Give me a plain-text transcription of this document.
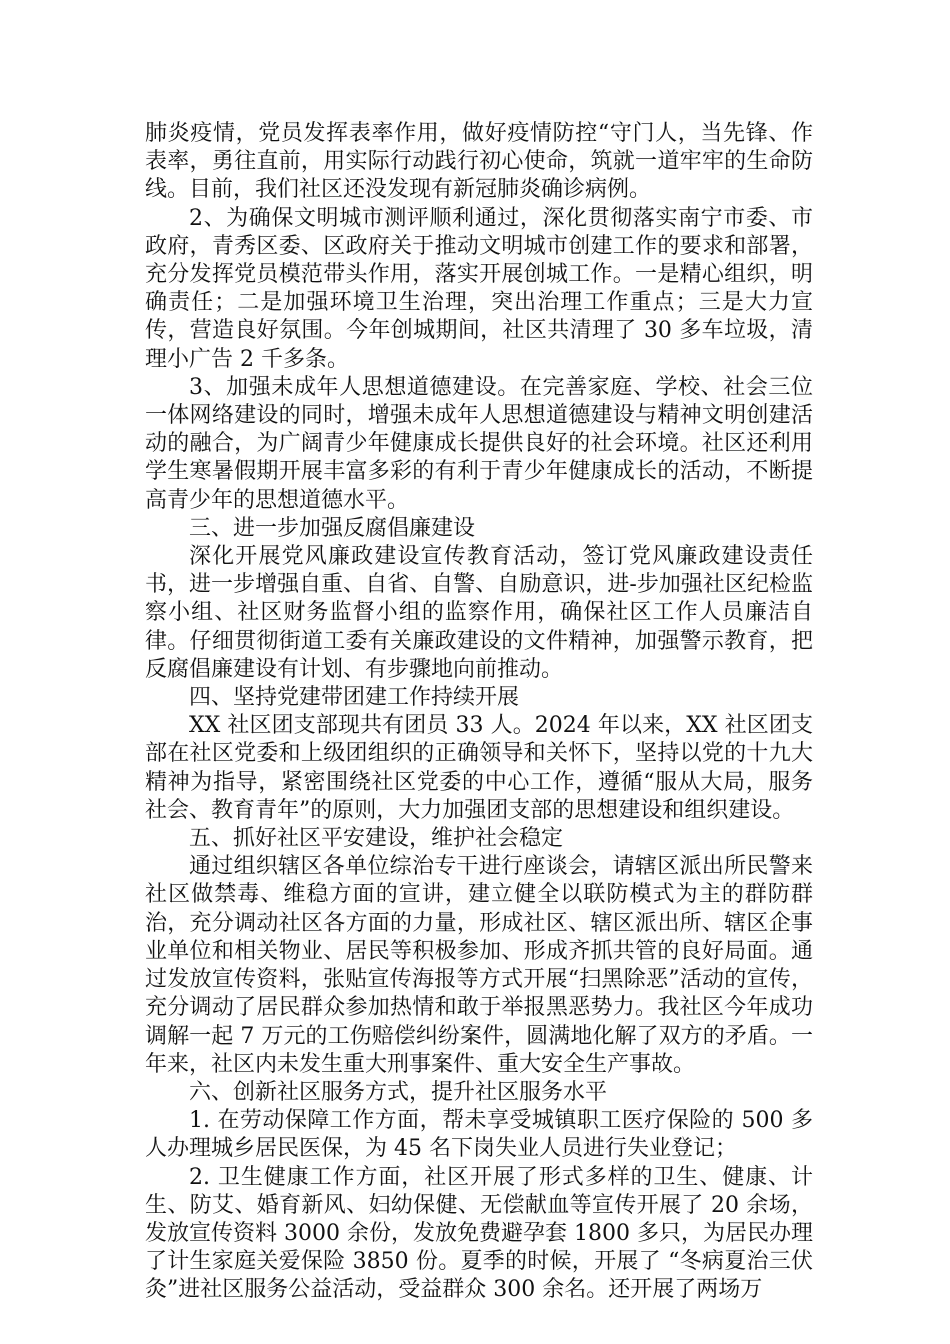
肺炎疫情，党员发挥表率作用，做好疫情防控“守门人，当先锋、作表率，勇往直前，用实际行动践行初心使命，筑就一道牢牢的生命防线。目前，我们社区还没发现有新冠肺炎确诊病例。

2、为确保文明城市测评顺利通过，深化贯彻落实南宁市委、市政府，青秀区委、区政府关于推动文明城市创建工作的要求和部署，充分发挥党员模范带头作用，落实开展创城工作。一是精心组织，明确责任；二是加强环境卫生治理，突出治理工作重点；三是大力宣传，营造良好氛围。今年创城期间，社区共清理了 30 多车垃圾，清理小广告 2 千多条。

3、加强未成年人思想道德建设。在完善家庭、学校、社会三位一体网络建设的同时，增强未成年人思想道德建设与精神文明创建活动的融合，为广阔青少年健康成长提供良好的社会环境。社区还利用学生寒暑假期开展丰富多彩的有利于青少年健康成长的活动，不断提高青少年的思想道德水平。

三、进一步加强反腐倡廉建设

深化开展党风廉政建设宣传教育活动，签订党风廉政建设责任书，进一步增强自重、自省、自警、自励意识，进-步加强社区纪检监察小组、社区财务监督小组的监察作用，确保社区工作人员廉洁自律。仔细贯彻街道工委有关廉政建设的文件精神，加强警示教育，把反腐倡廉建设有计划、有步骤地向前推动。

四、坚持党建带团建工作持续开展

XX 社区团支部现共有团员 33 人。2024 年以来，XX 社区团支部在社区党委和上级团组织的正确领导和关怀下，坚持以党的十九大精神为指导，紧密围绕社区党委的中心工作，遵循“服从大局，服务社会、教育青年”的原则，大力加强团支部的思想建设和组织建设。

五、抓好社区平安建设，维护社会稳定

通过组织辖区各单位综治专干进行座谈会，请辖区派出所民警来社区做禁毒、维稳方面的宣讲，建立健全以联防模式为主的群防群治，充分调动社区各方面的力量，形成社区、辖区派出所、辖区企事业单位和相关物业、居民等积极参加、形成齐抓共管的良好局面。通过发放宣传资料，张贴宣传海报等方式开展“扫黑除恶”活动的宣传，充分调动了居民群众参加热情和敢于举报黑恶势力。我社区今年成功调解一起 7 万元的工伤赔偿纠纷案件，圆满地化解了双方的矛盾。一年来，社区内未发生重大刑事案件、重大安全生产事故。

六、创新社区服务方式，提升社区服务水平

1. 在劳动保障工作方面，帮未享受城镇职工医疗保险的 500 多人办理城乡居民医保，为 45 名下岗失业人员进行失业登记；

2. 卫生健康工作方面，社区开展了形式多样的卫生、健康、计生、防艾、婚育新风、妇幼保健、无偿献血等宣传开展了 20 余场，发放宣传资料 3000 余份，发放免费避孕套 1800 多只，为居民办理了计生家庭关爱保险 3850 份。夏季的时候，开展了 “冬病夏治三伏灸”进社区服务公益活动，受益群众 300 余名。还开展了两场万
